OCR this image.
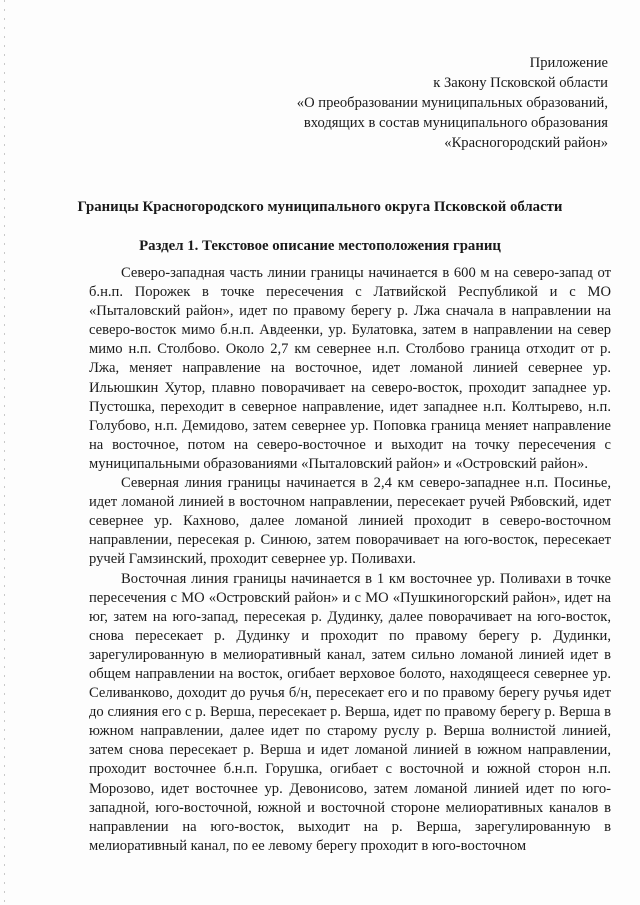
Приложение
к Закону Псковской области
«О преобразовании муниципальных образований,
входящих в состав муниципального образования
«Красногородский район»
Границы Красногородского муниципального округа Псковской области
Раздел 1. Текстовое описание местоположения границ

Северо-западная часть линии границы начинается в 600 м на северо-запад от б.н.п. Порожек в точке пересечения с Латвийской Республикой и с МО «Пыталовский район», идет по правому берегу р. Лжа сначала в направлении на северо-восток мимо б.н.п. Авдеенки, ур. Булатовка, затем в направлении на север мимо н.п. Столбово. Около 2,7 км севернее н.п. Столбово граница отходит от р. Лжа, меняет направление на восточное, идет ломаной линией севернее ур. Ильюшкин Хутор, плавно поворачивает на северо-восток, проходит западнее ур. Пустошка, переходит в северное направление, идет западнее н.п. Колтырево, н.п. Голубово, н.п. Демидово, затем севернее ур. Поповка граница меняет направление на восточное, потом на северо-восточное и выходит на точку пересечения с муниципальными образованиями «Пыталовский район» и «Островский район».

Северная линия границы начинается в 2,4 км северо-западнее н.п. Посинье, идет ломаной линией в восточном направлении, пересекает ручей Рябовский, идет севернее ур. Кахново, далее ломаной линией проходит в северо-восточном направлении, пересекая р. Синюю, затем поворачивает на юго-восток, пересекает ручей Гамзинский, проходит севернее ур. Поливахи.

Восточная линия границы начинается в 1 км восточнее ур. Поливахи в точке пересечения с МО «Островский район» и с МО «Пушкиногорский район», идет на юг, затем на юго-запад, пересекая р. Дудинку, далее поворачивает на юго-восток, снова пересекает р. Дудинку и проходит по правому берегу р. Дудинки, зарегулированную в мелиоративный канал, затем сильно ломаной линией идет в общем направлении на восток, огибает верховое болото, находящееся севернее ур. Селиванково, доходит до ручья б/н, пересекает его и по правому берегу ручья идет до слияния его с р. Верша, пересекает р. Верша, идет по правому берегу р. Верша в южном направлении, далее идет по старому руслу р. Верша волнистой линией, затем снова пересекает р. Верша и идет ломаной линией в южном направлении, проходит восточнее б.н.п. Горушка, огибает с восточной и южной сторон н.п. Морозово, идет восточнее ур. Девонисово, затем ломаной линией идет по юго-западной, юго-восточной, южной и восточной стороне мелиоративных каналов в направлении на юго-восток, выходит на р. Верша, зарегулированную в мелиоративный канал, по ее левому берегу проходит в юго-восточном
